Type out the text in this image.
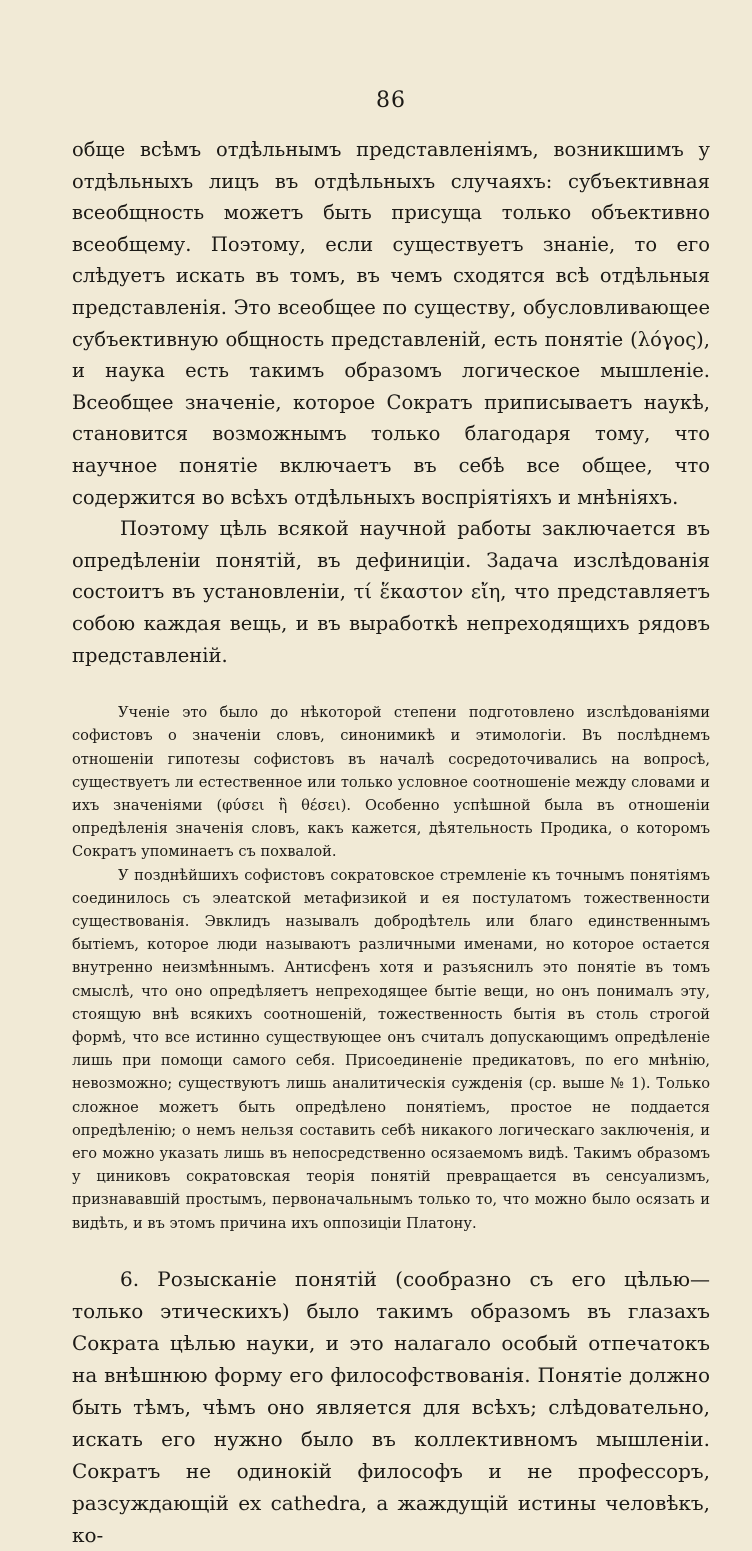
86

обще всѣмъ отдѣльнымъ представленіямъ, возникшимъ у отдѣльныхъ лицъ въ отдѣльныхъ случаяхъ: субъективная всеобщность можетъ быть присуща только объективно всеобщему. Поэтому, если существуетъ знаніе, то его слѣдуетъ искать въ томъ, въ чемъ сходятся всѣ отдѣльныя представленія. Это всеобщее по существу, обусловливающее субъективную общность представленій, есть понятіе (λόγος), и наука есть такимъ образомъ логическое мышленіе. Всеобщее значеніе, которое Сократъ приписываетъ наукѣ, становится возможнымъ только благодаря тому, что научное понятіе включаетъ въ себѣ все общее, что содержится во всѣхъ отдѣльныхъ воспріятіяхъ и мнѣніяхъ.

Поэтому цѣль всякой научной работы заключается въ опредѣленіи понятій, въ дефиниціи. Задача изслѣдованія состоитъ въ установленіи, τί ἕκαστον εἴη, что представляетъ собою каждая вещь, и въ выработкѣ непреходящихъ рядовъ представленій.

Ученіе это было до нѣкоторой степени подготовлено изслѣдованіями софистовъ о значеніи словъ, синонимикѣ и этимологіи. Въ послѣднемъ отношеніи гипотезы софистовъ въ началѣ сосредоточивались на вопросѣ, существуетъ ли естественное или только условное соотношеніе между словами и ихъ значеніями (φύσει ἢ θέσει). Особенно успѣшной была въ отношеніи опредѣленія значенія словъ, какъ кажется, дѣятельность Продика, о которомъ Сократъ упоминаетъ съ похвалой.

У позднѣйшихъ софистовъ сократовское стремленіе къ точнымъ понятіямъ соединилось съ элеатской метафизикой и ея постулатомъ тожественности существованія. Эвклидъ называлъ добродѣтель или благо единственнымъ бытіемъ, которое люди называютъ различными именами, но которое остается внутренно неизмѣннымъ. Антисфенъ хотя и разъяснилъ это понятіе въ томъ смыслѣ, что оно опредѣляетъ непреходящее бытіе вещи, но онъ понималъ эту, стоящую внѣ всякихъ соотношеній, тожественность бытія въ столь строгой формѣ, что все истинно существующее онъ считалъ допускающимъ опредѣленіе лишь при помощи самого себя. Присоединеніе предикатовъ, по его мнѣнію, невозможно; существуютъ лишь аналитическія сужденія (ср. выше № 1). Только сложное можетъ быть опредѣлено понятіемъ, простое не поддается опредѣленію; о немъ нельзя составить себѣ никакого логическаго заключенія, и его можно указать лишь въ непосредственно осязаемомъ видѣ. Такимъ образомъ у циниковъ сократовская теорія понятій превращается въ сенсуализмъ, признававшій простымъ, первоначальнымъ только то, что можно было осязать и видѣть, и въ этомъ причина ихъ оппозиціи Платону.

6. Розысканіе понятій (сообразно съ его цѣлью—только этическихъ) было такимъ образомъ въ глазахъ Сократа цѣлью науки, и это налагало особый отпечатокъ на внѣшнюю форму его философствованія. Понятіе должно быть тѣмъ, чѣмъ оно является для всѣхъ; слѣдовательно, искать его нужно было въ коллективномъ мышленіи. Сократъ не одинокій философъ и не профессоръ, разсуждающій ex cathedra, а жаждущій истины человѣкъ, ко-
